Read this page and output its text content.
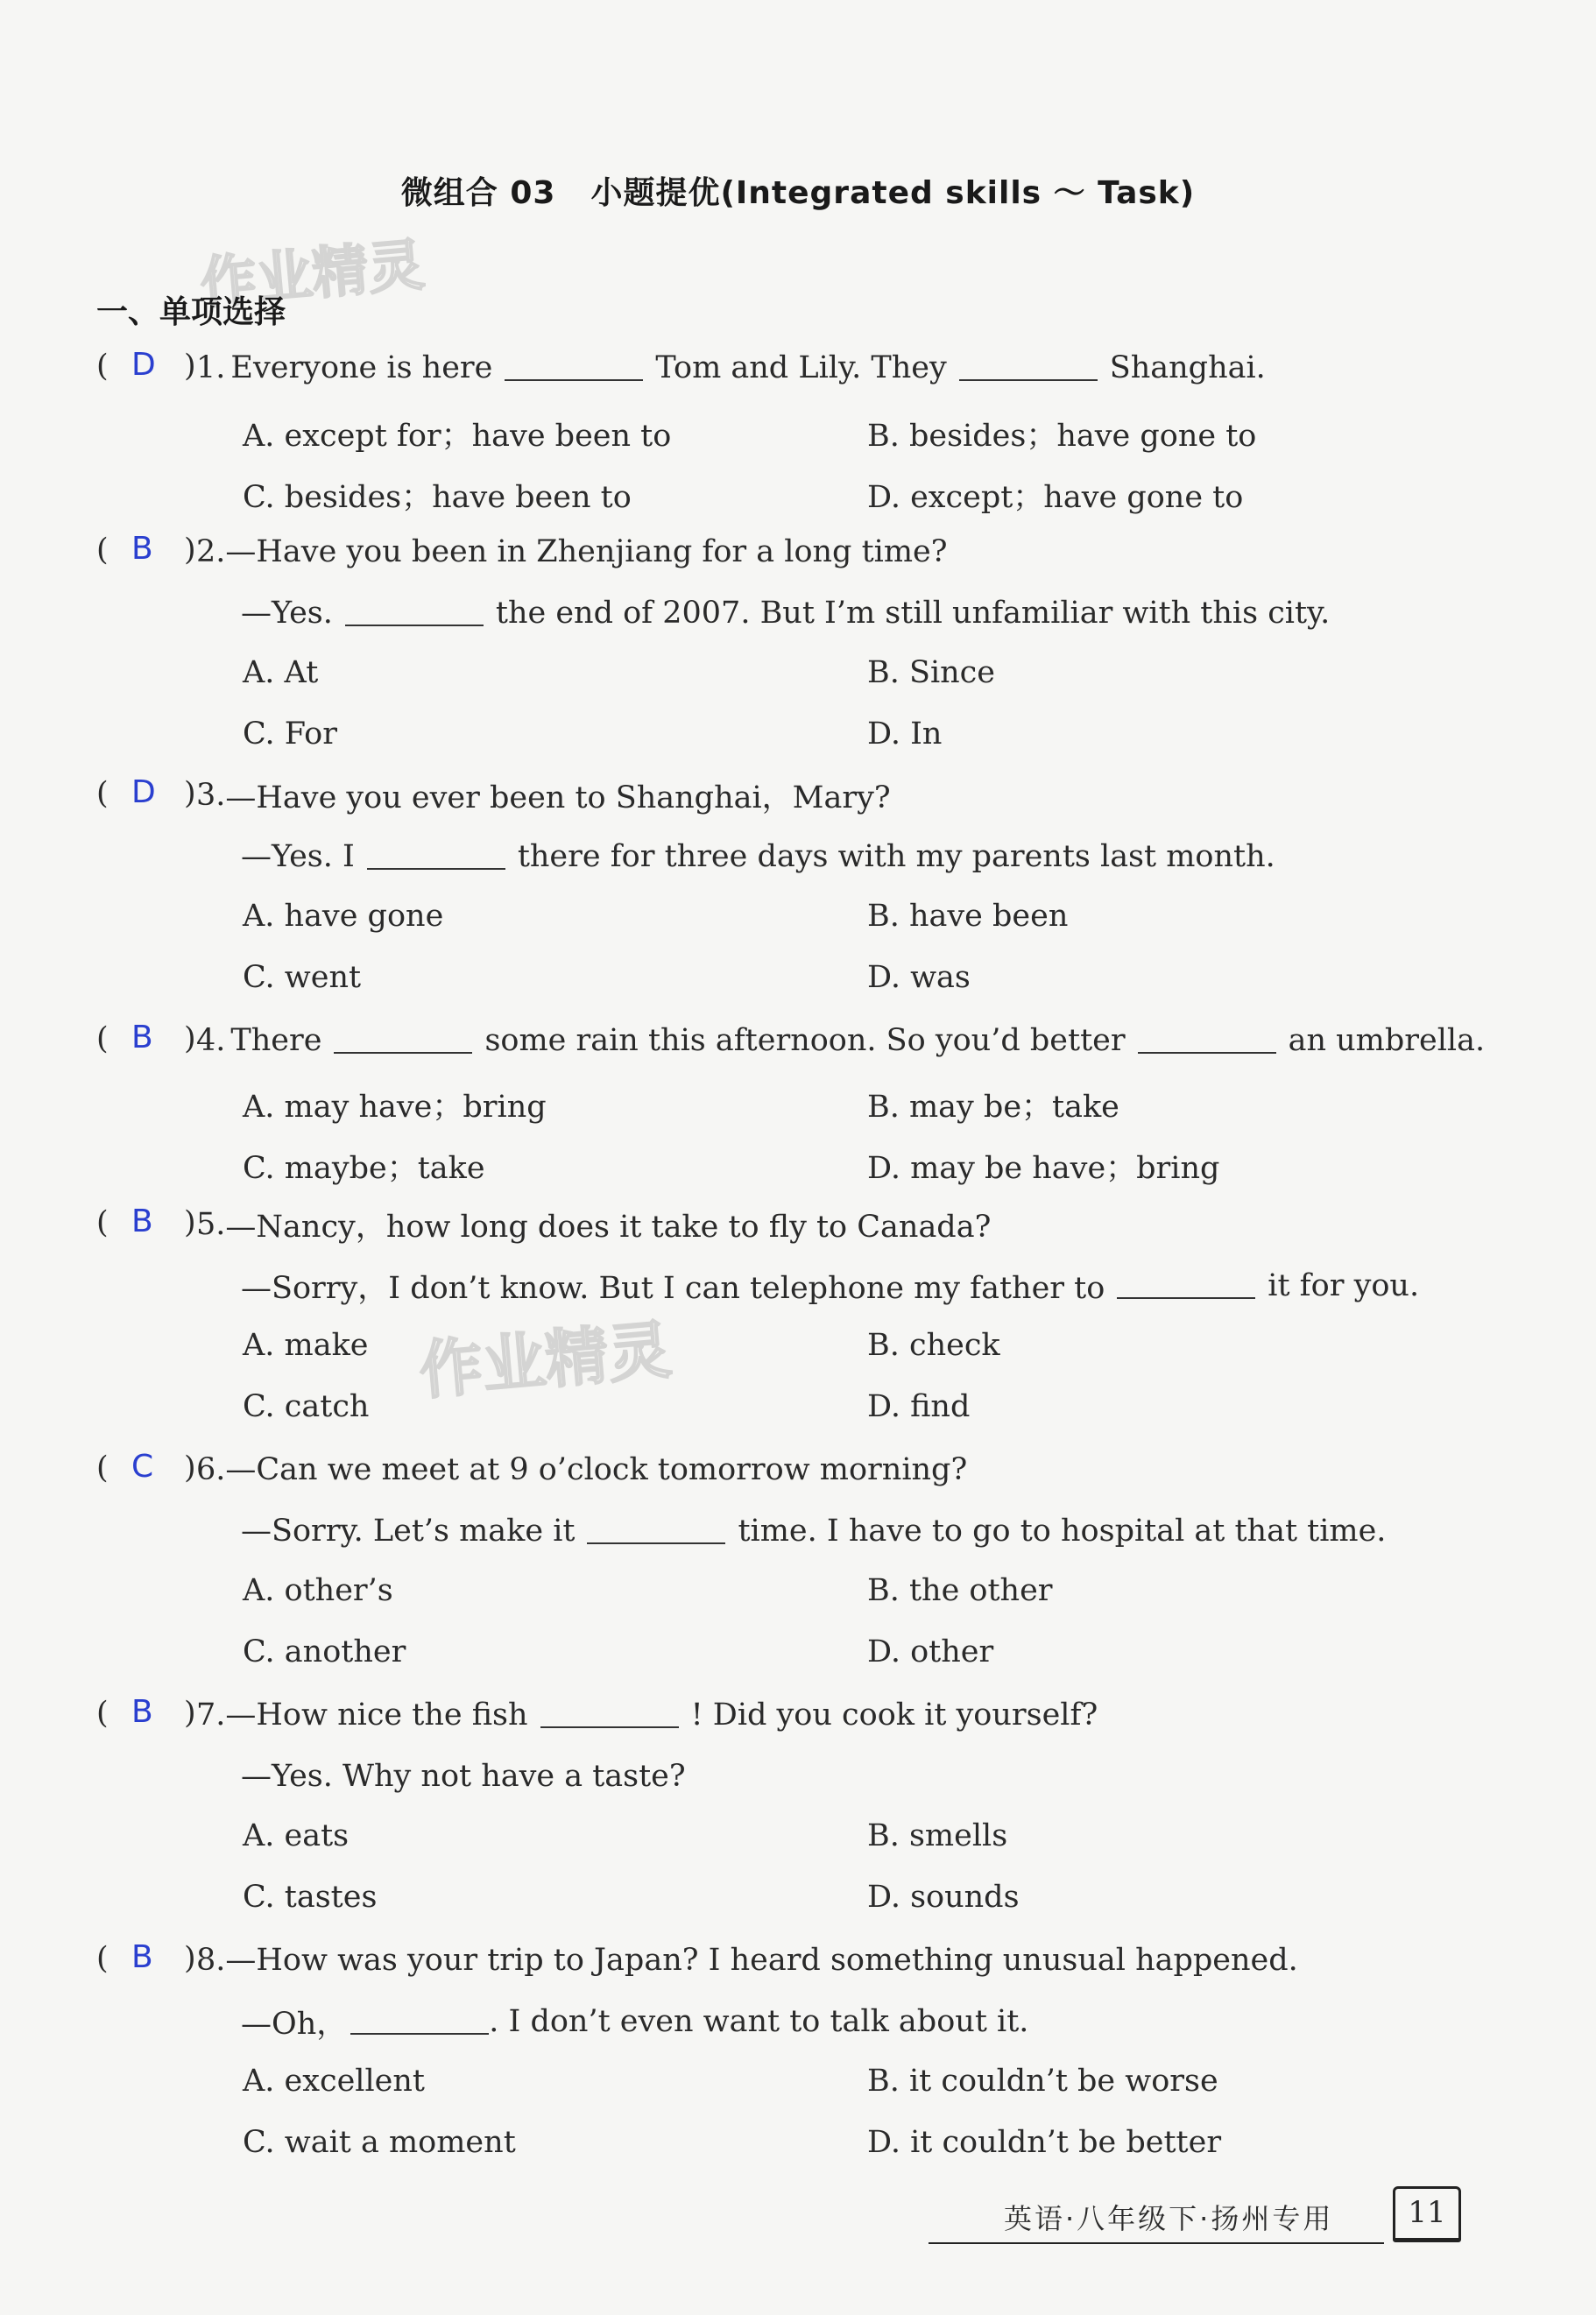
微组合 03 小题提优(Integrated skills ～ Task)
作业精灵
作业精灵
一、单项选择
( D ) 1. Everyone is here	Tom and Lily. They	Shanghai.
A. except for；have been to	B. besides；have gone to
C. besides；have been to	D. except；have gone to
( B ) 2. —Have you been in Zhenjiang for a long time?
—Yes.	the end of 2007. But I’m still unfamiliar with this city.
A. At	B. Since
C. For	D. In
( D ) 3. —Have you ever been to Shanghai，Mary?
—Yes. I	there for three days with my parents last month.
A. have gone	B. have been
C. went	D. was
( B ) 4. There	some rain this afternoon. So you’d better	an umbrella.
A. may have；bring	B. may be；take
C. maybe；take	D. may be have；bring
( B ) 5. —Nancy，how long does it take to fly to Canada?
—Sorry，I don’t know. But I can telephone my father to	it for you.
A. make	B. check
C. catch	D. find
( C ) 6. —Can we meet at 9 o’clock tomorrow morning?
—Sorry. Let’s make it	time. I have to go to hospital at that time.
A. other’s	B. the other
C. another	D. other
( B ) 7. —How nice the fish	! Did you cook it yourself?
—Yes. Why not have a taste?
A. eats	B. smells
C. tastes	D. sounds
( B ) 8. —How was your trip to Japan? I heard something unusual happened.
—Oh，	. I don’t even want to talk about it.
A. excellent	B. it couldn’t be worse
C. wait a moment	D. it couldn’t be better
英语·八年级下·扬州专用	11
